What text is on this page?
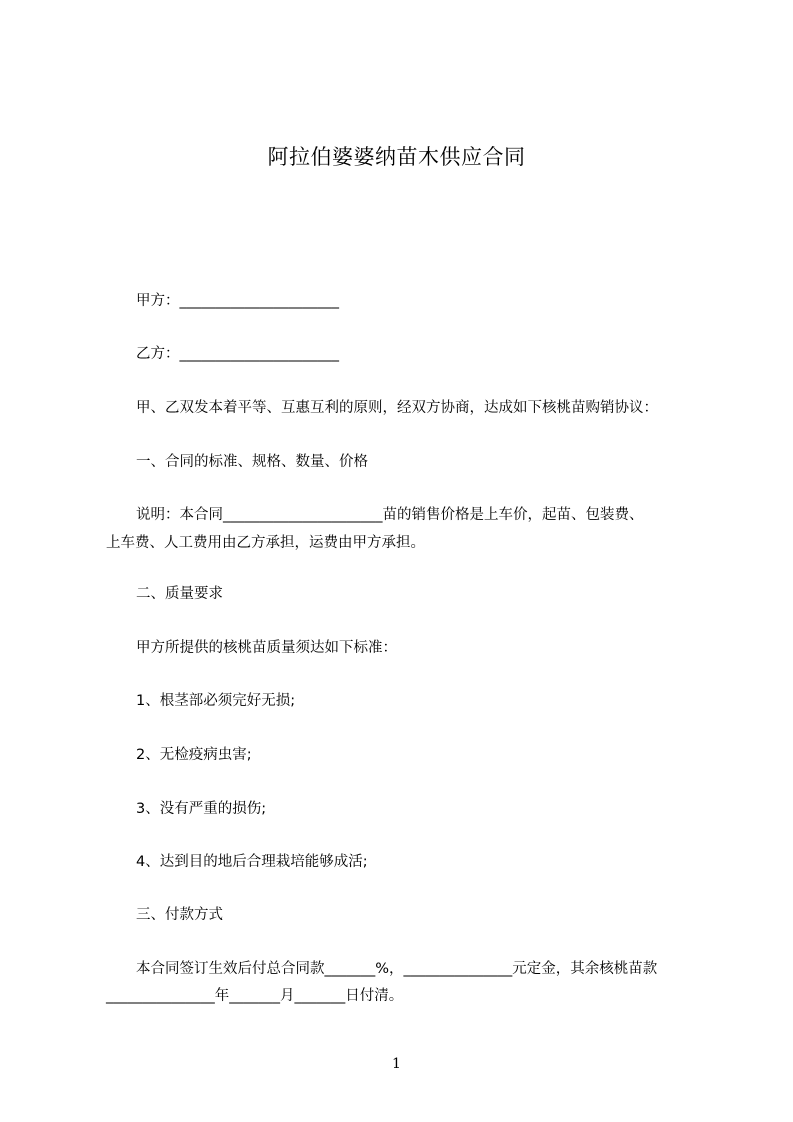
阿拉伯婆婆纳苗木供应合同
甲方：______________________
乙方：______________________
甲、乙双发本着平等、互惠互利的原则，经双方协商，达成如下核桃苗购销协议：
一、合同的标准、规格、数量、价格
说明：本合同______________________苗的销售价格是上车价，起苗、包装费、
上车费、人工费用由乙方承担，运费由甲方承担。
二、质量要求
甲方所提供的核桃苗质量须达如下标准：
1、根茎部必须完好无损;
2、无检疫病虫害;
3、没有严重的损伤;
4、达到目的地后合理栽培能够成活;
三、付款方式
本合同签订生效后付总合同款_______%，_______________元定金，其余核桃苗款
_______________年_______月_______日付清。
1
